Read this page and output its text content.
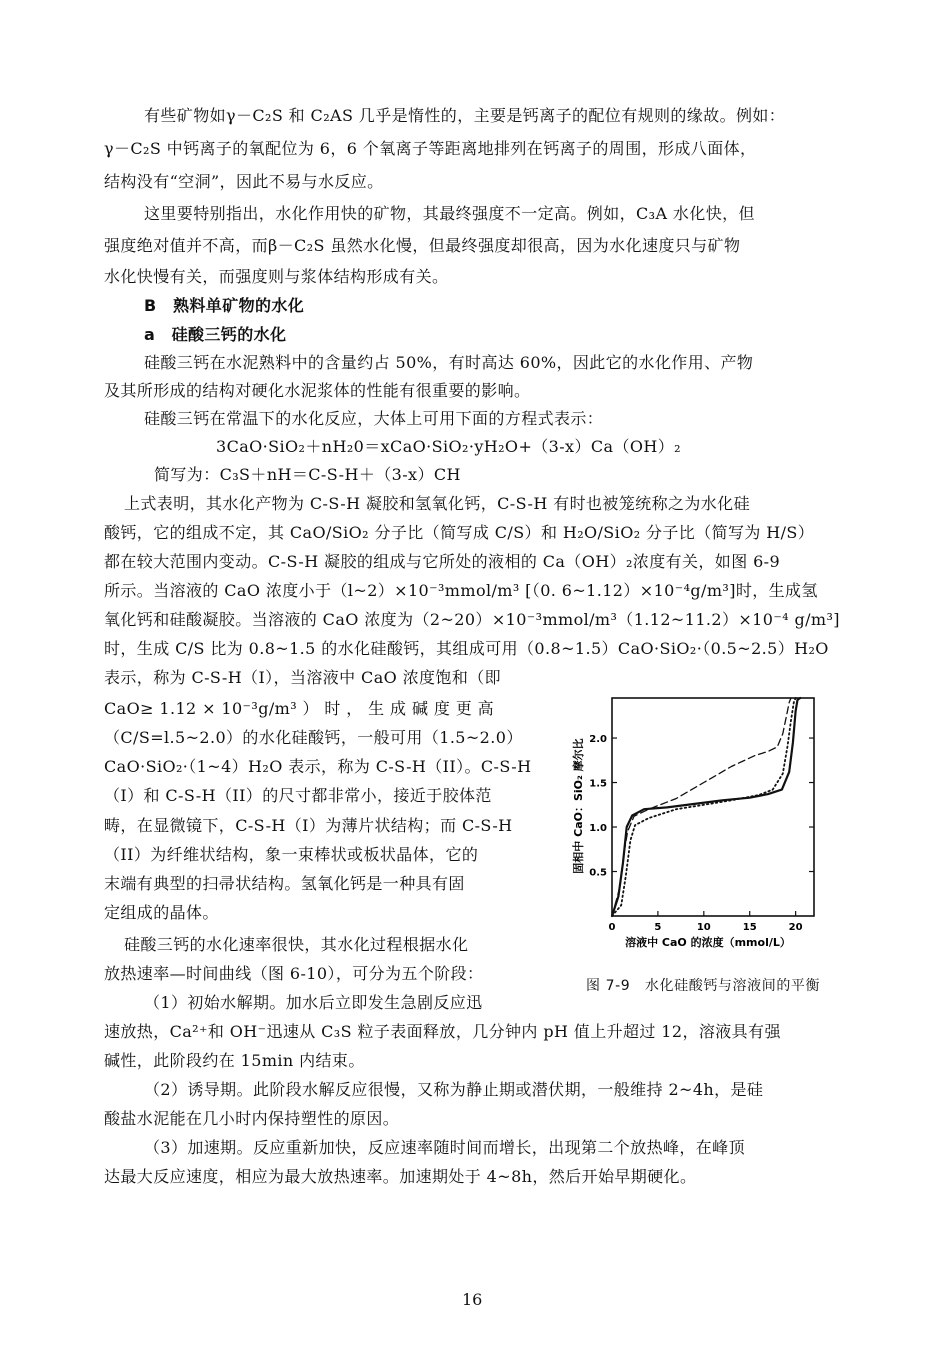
有些矿物如γ－C₂S 和 C₂AS 几乎是惰性的，主要是钙离子的配位有规则的缘故。例如：
γ－C₂S 中钙离子的氧配位为 6，6 个氧离子等距离地排列在钙离子的周围，形成八面体，
结构没有“空洞”，因此不易与水反应。
这里要特别指出，水化作用快的矿物，其最终强度不一定高。例如，C₃A 水化快，但
强度绝对值并不高，而β－C₂S 虽然水化慢，但最终强度却很高，因为水化速度只与矿物
水化快慢有关，而强度则与浆体结构形成有关。
B　熟料单矿物的水化
a　硅酸三钙的水化
硅酸三钙在水泥熟料中的含量约占 50%，有时高达 60%，因此它的水化作用、产物
及其所形成的结构对硬化水泥浆体的性能有很重要的影响。
硅酸三钙在常温下的水化反应，大体上可用下面的方程式表示：
3CaO·SiO₂＋nH₂0＝xCaO·SiO₂·yH₂O+（3-x）Ca（OH）₂
简写为：C₃S＋nH＝C-S-H＋（3-x）CH
上式表明，其水化产物为 C-S-H 凝胶和氢氧化钙，C-S-H 有时也被笼统称之为水化硅
酸钙，它的组成不定，其 CaO/SiO₂ 分子比（简写成 C/S）和 H₂O/SiO₂ 分子比（简写为 H/S）
都在较大范围内变动。C-S-H 凝胶的组成与它所处的液相的 Ca（OH）₂浓度有关，如图 6-9
所示。当溶液的 CaO 浓度小于（l~2）×10⁻³mmol/m³ [（0. 6~1.12）×10⁻⁴g/m³]时，生成氢
氧化钙和硅酸凝胶。当溶液的 CaO 浓度为（2~20）×10⁻³mmol/m³（1.12~11.2）×10⁻⁴ g/m³]
时，生成 C/S 比为 0.8~1.5 的水化硅酸钙，其组成可用（0.8~1.5）CaO·SiO₂·（0.5~2.5）H₂O
表示，称为 C-S-H（I），当溶液中 CaO 浓度饱和（即
CaO≥ 1.12 × 10⁻³g/m³ ） 时 ， 生 成 碱 度 更 高
（C/S=l.5~2.0）的水化硅酸钙，一般可用（1.5~2.0）
CaO·SiO₂·（1~4）H₂O 表示，称为 C-S-H（II）。C-S-H
（I）和 C-S-H（II）的尺寸都非常小，接近于胶体范
畴，在显微镜下，C-S-H（I）为薄片状结构；而 C-S-H
（II）为纤维状结构，象一束棒状或板状晶体，它的
末端有典型的扫帚状结构。氢氧化钙是一种具有固
定组成的晶体。
硅酸三钙的水化速率很快，其水化过程根据水化
放热速率—时间曲线（图 6-10），可分为五个阶段：
（1）初始水解期。加水后立即发生急剧反应迅
速放热，Ca²⁺和 OH⁻迅速从 C₃S 粒子表面释放，几分钟内 pH 值上升超过 12，溶液具有强
碱性，此阶段约在 15min 内结束。
（2）诱导期。此阶段水解反应很慢，又称为静止期或潜伏期，一般维持 2~4h，是硅
酸盐水泥能在几小时内保持塑性的原因。
（3）加速期。反应重新加快，反应速率随时间而增长，出现第二个放热峰，在峰顶
达最大反应速度，相应为最大放热速率。加速期处于 4~8h，然后开始早期硬化。
0	5	10	15	20
0.5
1.0
1.5
2.0
固相中 CaO：SiO₂ 摩尔比
溶液中 CaO 的浓度（mmol/L）
图 7-9　水化硅酸钙与溶液间的平衡
16
